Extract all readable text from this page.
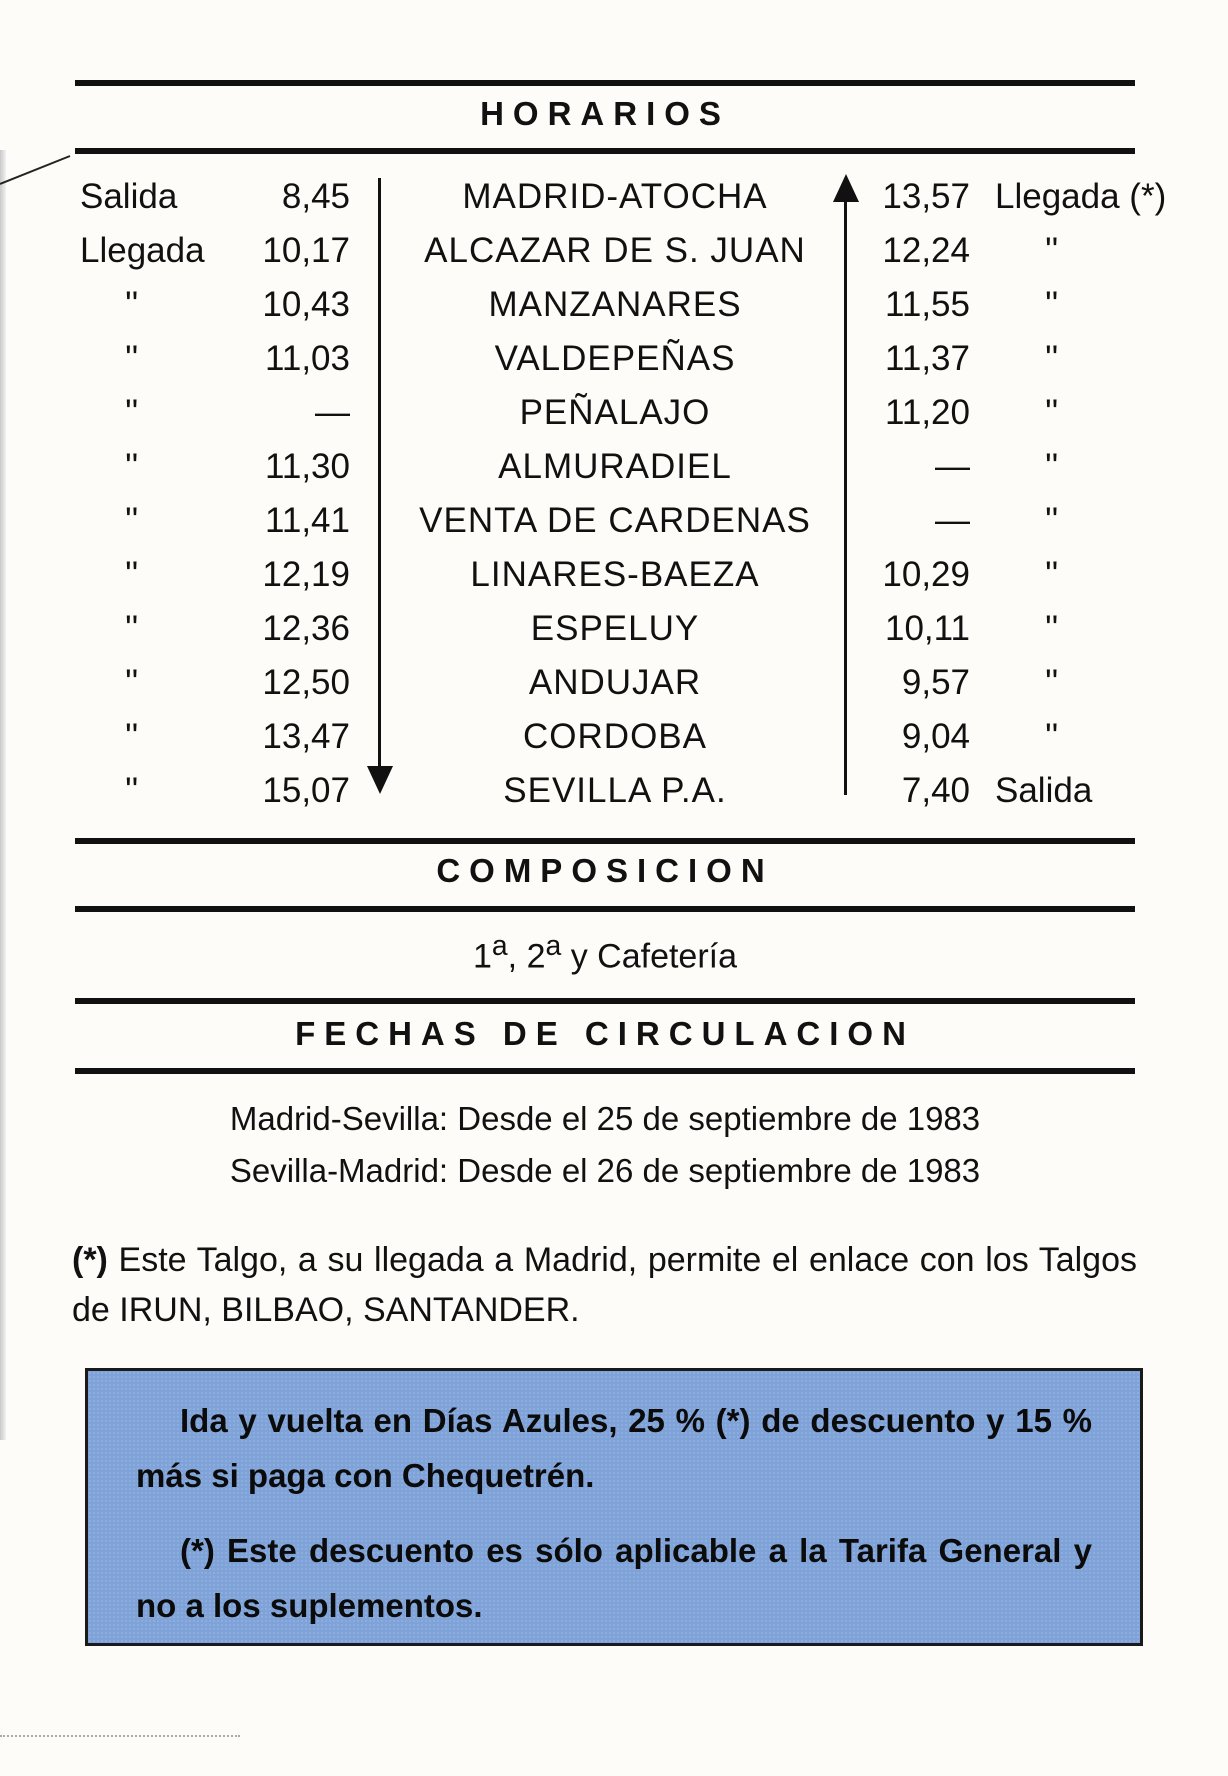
HORARIOS
Salida	8,45	MADRID-ATOCHA	13,57 Llegada (*)
Llegada	10,17	ALCAZAR DE S. JUAN	12,24 ''
''	10,43	MANZANARES	11,55 ''
''	11,03	VALDEPEÑAS	11,37 ''
''	—	PEÑALAJO	11,20 ''
''	11,30	ALMURADIEL	— ''
''	11,41	VENTA DE CARDENAS	— ''
''	12,19	LINARES-BAEZA	10,29 ''
''	12,36	ESPELUY	10,11 ''
''	12,50	ANDUJAR	9,57 ''
''	13,47	CORDOBA	9,04 ''
''	15,07	SEVILLA P.A.	7,40 Salida
COMPOSICION
1$^a$, 2$^a$ y Cafetería
FECHAS DE CIRCULACION
Madrid-Sevilla: Desde el 25 de septiembre de 1983
Sevilla-Madrid: Desde el 26 de septiembre de 1983
(*) Este Talgo, a su llegada a Madrid, permite el enlace con los Talgos de IRUN, BILBAO, SANTANDER.

Ida y vuelta en Días Azules, 25 % (*) de descuento y 15 % más si paga con Chequetrén.

(*) Este descuento es sólo aplicable a la Tarifa General y no a los suplementos.
